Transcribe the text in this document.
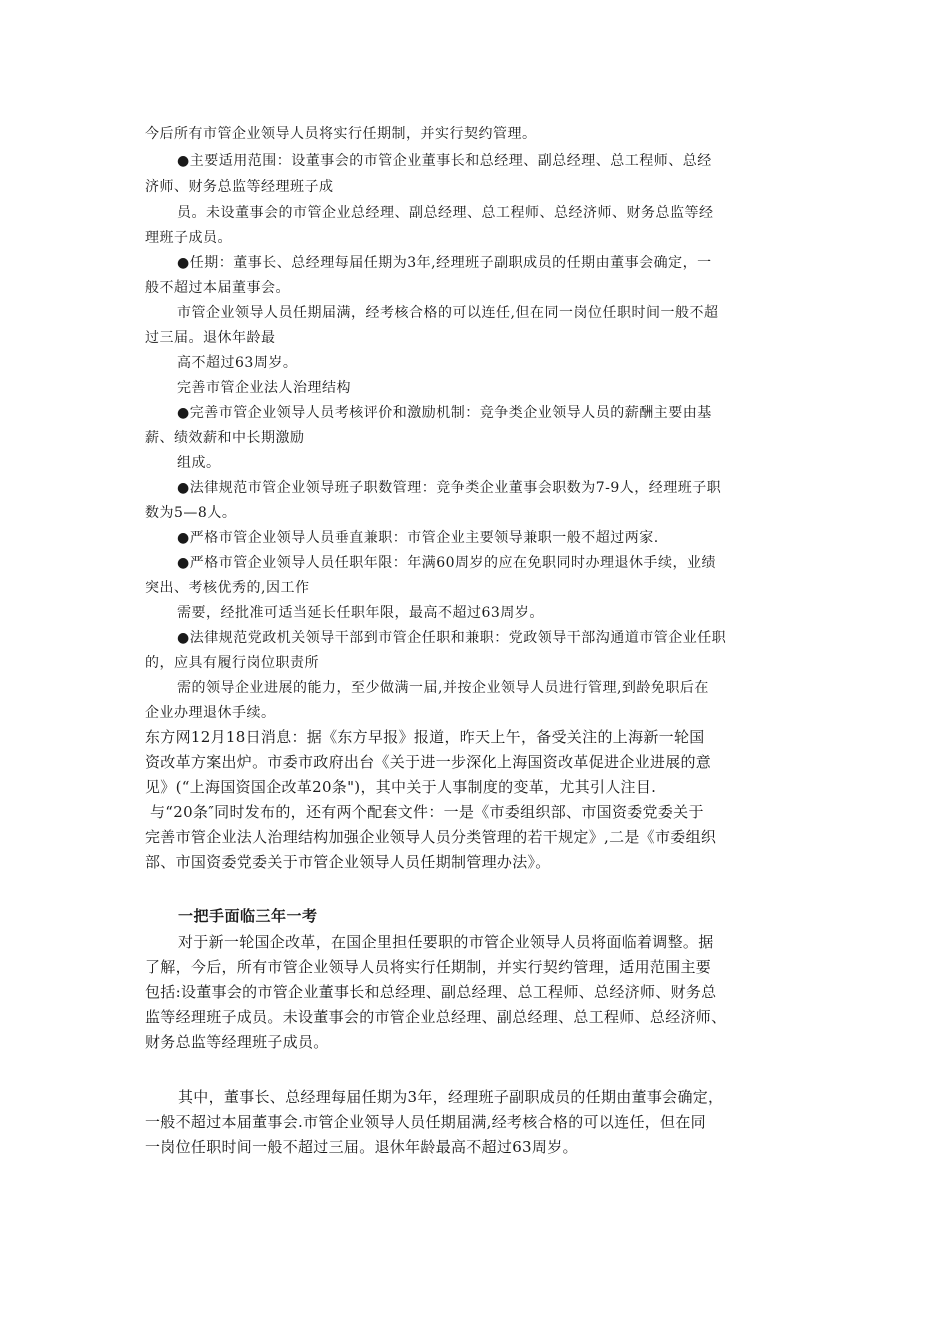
今后所有市管企业领导人员将实行任期制，并实行契约管理。
●主要适用范围：设董事会的市管企业董事长和总经理、副总经理、总工程师、总经
济师、财务总监等经理班子成
员。未设董事会的市管企业总经理、副总经理、总工程师、总经济师、财务总监等经
理班子成员。
●任期：董事长、总经理每届任期为3年,经理班子副职成员的任期由董事会确定，一
般不超过本届董事会。
市管企业领导人员任期届满，经考核合格的可以连任,但在同一岗位任职时间一般不超
过三届。退休年龄最
高不超过63周岁。
完善市管企业法人治理结构
●完善市管企业领导人员考核评价和激励机制：竞争类企业领导人员的薪酬主要由基
薪、绩效薪和中长期激励
组成。
●法律规范市管企业领导班子职数管理：竞争类企业董事会职数为7-9人，经理班子职
数为5—8人。
●严格市管企业领导人员垂直兼职：市管企业主要领导兼职一般不超过两家.
●严格市管企业领导人员任职年限：年满60周岁的应在免职同时办理退休手续，业绩
突出、考核优秀的,因工作
需要，经批准可适当延长任职年限，最高不超过63周岁。
●法律规范党政机关领导干部到市管企任职和兼职：党政领导干部沟通道市管企业任职
的，应具有履行岗位职责所
需的领导企业进展的能力，至少做满一届,并按企业领导人员进行管理,到龄免职后在
企业办理退休手续。
东方网12月18日消息：据《东方早报》报道，昨天上午，备受关注的上海新一轮国
资改革方案出炉。市委市政府出台《关于进一步深化上海国资改革促进企业进展的意
见》(“上海国资国企改革20条")，其中关于人事制度的变革，尤其引人注目.
与“20条″同时发布的，还有两个配套文件：一是《市委组织部、市国资委党委关于
完善市管企业法人治理结构加强企业领导人员分类管理的若干规定》,二是《市委组织
部、市国资委党委关于市管企业领导人员任期制管理办法》。
一把手面临三年一考
对于新一轮国企改革，在国企里担任要职的市管企业领导人员将面临着调整。据
了解，今后，所有市管企业领导人员将实行任期制，并实行契约管理，适用范围主要
包括:设董事会的市管企业董事长和总经理、副总经理、总工程师、总经济师、财务总
监等经理班子成员。未设董事会的市管企业总经理、副总经理、总工程师、总经济师、
财务总监等经理班子成员。
其中，董事长、总经理每届任期为3年，经理班子副职成员的任期由董事会确定，
一般不超过本届董事会.市管企业领导人员任期届满,经考核合格的可以连任，但在同
一岗位任职时间一般不超过三届。退休年龄最高不超过63周岁。
